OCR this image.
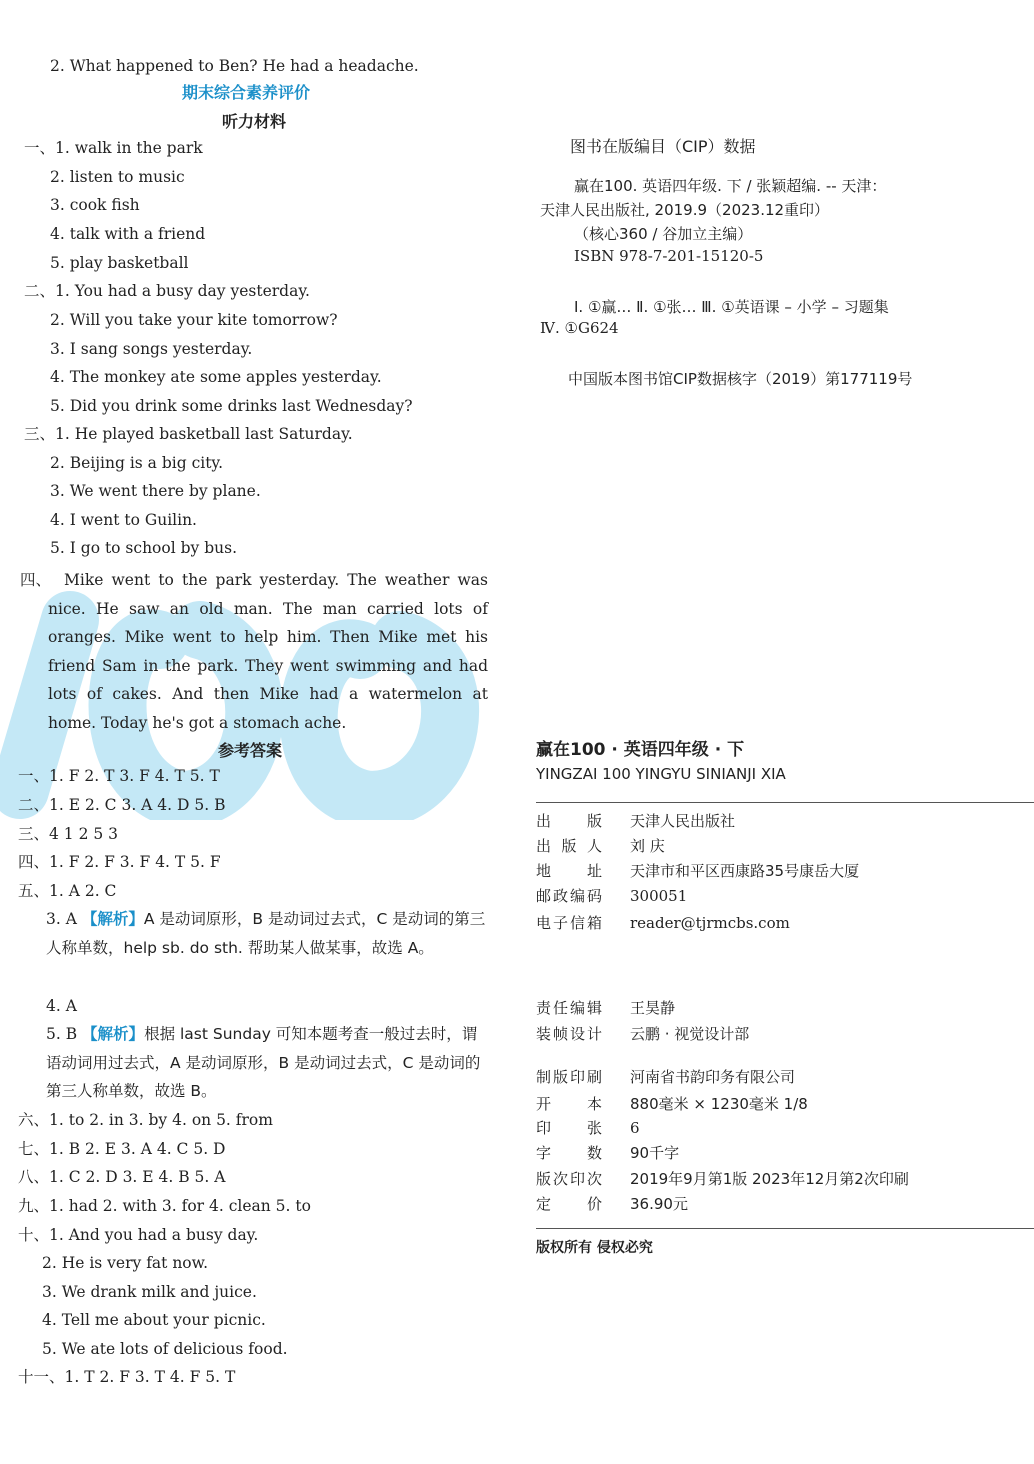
2. What happened to Ben? He had a headache.
期末综合素养评价
听力材料
一、1. walk in the park
2. listen to music
3. cook fish
4. talk with a friend
5. play basketball
二、1. You had a busy day yesterday.
2. Will you take your kite tomorrow?
3. I sang songs yesterday.
4. The monkey ate some apples yesterday.
5. Did you drink some drinks last Wednesday?
三、1. He played basketball last Saturday.
2. Beijing is a big city.
3. We went there by plane.
4. I went to Guilin.
5. I go to school by bus.
四、 Mike went to the park yesterday. The weather was nice. He saw an old man. The man carried lots of oranges. Mike went to help him. Then Mike met his friend Sam in the park. They went swimming and had lots of cakes. And then Mike had a watermelon at home. Today he's got a stomach ache.
参考答案
一、1. F 2. T 3. F 4. T 5. T
二、1. E 2. C 3. A 4. D 5. B
三、4 1 2 5 3
四、1. F 2. F 3. F 4. T 5. F
五、1. A 2. C
3. A 【解析】A 是动词原形，B 是动词过去式，C 是动词的第三人称单数，help sb. do sth. 帮助某人做某事，故选 A。
4. A
5. B 【解析】根据 last Sunday 可知本题考查一般过去时，谓语动词用过去式，A 是动词原形，B 是动词过去式，C 是动词的第三人称单数，故选 B。
六、1. to 2. in 3. by 4. on 5. from
七、1. B 2. E 3. A 4. C 5. D
八、1. C 2. D 3. E 4. B 5. A
九、1. had 2. with 3. for 4. clean 5. to
十、1. And you had a busy day.
2. He is very fat now.
3. We drank milk and juice.
4. Tell me about your picnic.
5. We ate lots of delicious food.
十一、1. T 2. F 3. T 4. F 5. T
图书在版编目（CIP）数据
赢在100. 英语四年级. 下 / 张颖超编. -- 天津：
天津人民出版社, 2019.9（2023.12重印）
（核心360 / 谷加立主编）
ISBN 978-7-201-15120-5
Ⅰ. ①赢… Ⅱ. ①张… Ⅲ. ①英语课 – 小学 – 习题集
Ⅳ. ①G624
中国版本图书馆CIP数据核字（2019）第177119号
赢在100 · 英语四年级 · 下
YINGZAI 100 YINGYU SINIANJI XIA
出版 天津人民出版社
出版人 刘 庆
地址 天津市和平区西康路35号康岳大厦
邮政编码 300051
电子信箱 reader@tjrmcbs.com
责任编辑 王昊静
装帧设计 云鹏 · 视觉设计部
制版印刷 河南省书韵印务有限公司
开本 880毫米 × 1230毫米 1/8
印张 6
字数 90千字
版次印次 2019年9月第1版 2023年12月第2次印刷
定价 36.90元
版权所有 侵权必究
